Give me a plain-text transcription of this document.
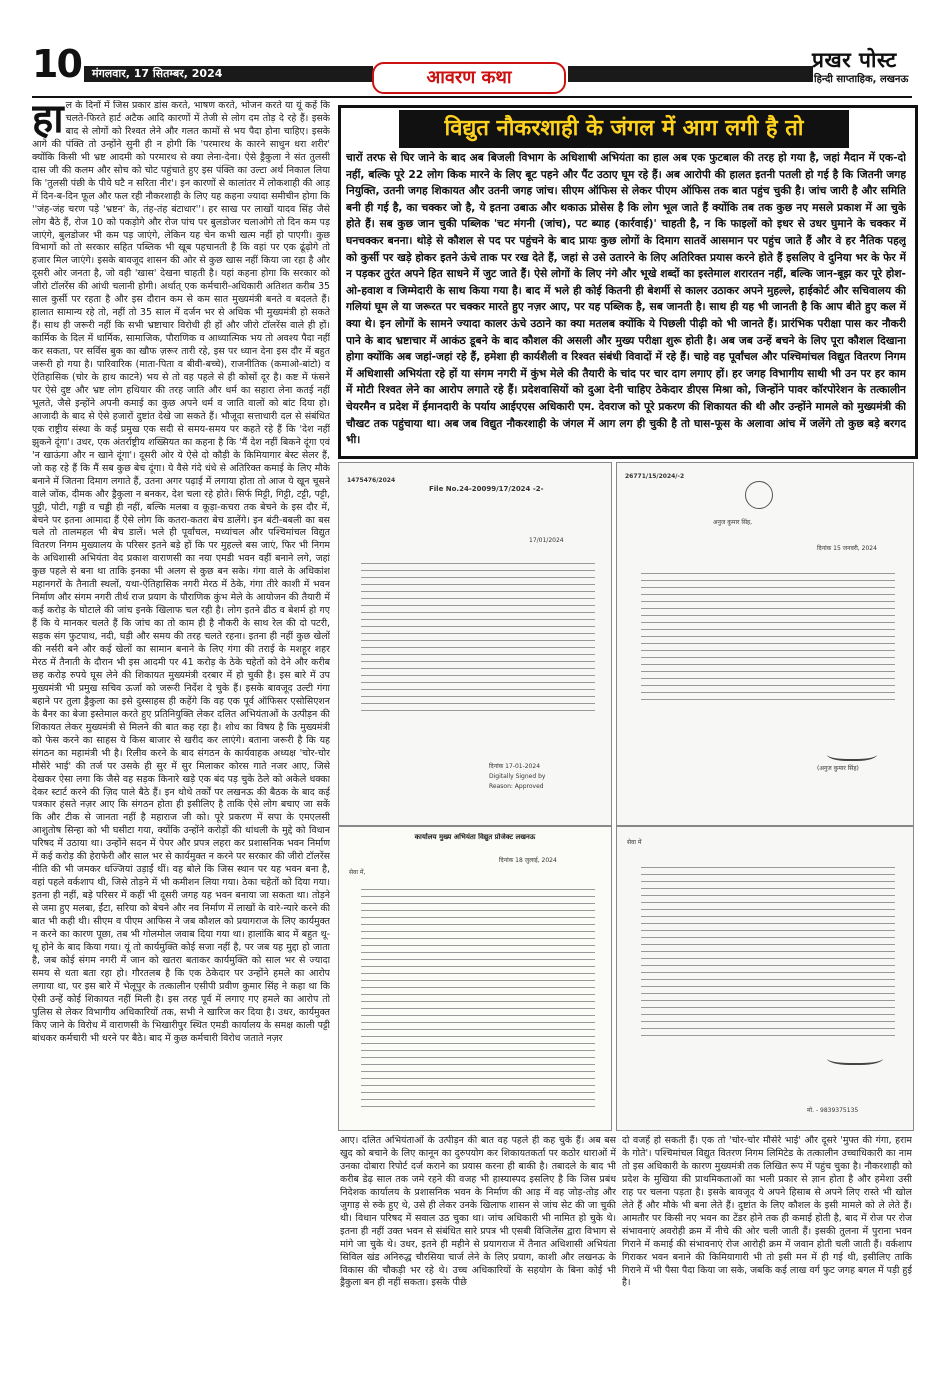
10	मंगलवार, 17 सितम्बर, 2024	आवरण कथा
प्रखर पोस्ट
हिन्दी साप्ताहिक, लखनऊ
हा ल के दिनों में जिस प्रकार डांस करते, भाषण करते, भोजन करते या यूं कहें कि चलते-फिरते हार्ट अटैक आदि कारणों में तेजी से लोग दम तोड़ दे रहे हैं। इसके बाद से लोगों को रिश्वत लेने और गलत कामों से भय पैदा होना चाहिए। इसके आगे की पंक्ति तो उन्होंने सुनी ही न होगी कि 'परमारथ के कारने साधुन धरा शरीर' क्योंकि किसी भी भ्रष्ट आदमी को परमारथ से क्या लेना-देना। ऐसे ड्रैकुला ने संत तुलसी दास जी की कलम और सोच को चोट पहुंचाते हुए इस पंक्ति का उल्टा अर्थ निकाल लिया कि 'तुलसी पंछी के पीये घटै न सरिता नीर'। इन कारणों से कालांतर में लोकशाही की आड़ में दिन-ब-दिन फूल और फल रही नौकरशाही के लिए यह कहना ज्यादा समीचीन होगा कि ''जंह-जंह चरण पड़े 'भ्रष्टन' के, तंह-तंह बंटाधार''। हर साख पर लाखों यादव सिंह जैसे लोग बैठे हैं, रोज 10 को पकड़ोगे और रोज पांच पर बुलडोजर चलाओगे तो दिन कम पड़ जाएंगे, बुलडोजर भी कम पड़ जाएंगे, लेकिन यह चेन कभी खत्म नहीं हो पाएगी। कुछ विभागों को तो सरकार सहित पब्लिक भी खूब पहचानती है कि वहां पर एक ढूंढ़ोगे तो हजार मिल जाएंगे। इसके बावजूद शासन की ओर से कुछ खास नहीं किया जा रहा है और दूसरी ओर जनता है, जो वही 'खास' देखना चाहती है। यहां कहना होगा कि सरकार को जीरो टॉलरेंस की आंधी चलानी होगी। अर्थात् एक कर्मचारी-अधिकारी अतिशत करीब 35 साल कुर्सी पर रहता है और इस दौरान कम से कम सात मुख्यमंत्री बनते व बदलते हैं। हालात सामान्य रहे तो, नहीं तो 35 साल में दर्जन भर से अधिक भी मुख्यमंत्री हो सकते हैं। साथ ही जरूरी नहीं कि सभी भ्रष्टाचार विरोधी ही हों और जीरो टॉलरेंस वाले ही हों। कार्मिक के दिल में धार्मिक, सामाजिक, पौराणिक व आध्यात्मिक भय तो अवश्य पैदा नहीं कर सकता, पर सर्विस बुक का खौफ ज़रूर तारी रहे, इस पर ध्यान देना इस दौर में बहुत जरूरी हो गया है। पारिवारिक (माता-पिता व बीवी-बच्चे), राजनीतिक (कमाओ-बांटो) व ऐतिहासिक (चोर के हाथ काटने) भय से तो वह पहले से ही कोसों दूर है। कष्ट में फंसने पर ऐसे दुष्ट और भ्रष्ट लोग हथियार की तरह जाति और धर्म का सहारा लेना कतई नहीं भूलते, जैसे इन्होंने अपनी कमाई का कुछ अपने धर्म व जाति वालों को बांट दिया हो। आजादी के बाद से ऐसे हजारों दुष्टांत देखे जा सकते हैं। भौजूदा सत्ताधारी दल से संबंधित एक राष्ट्रीय संस्था के कई प्रमुख एक सदी से समय-समय पर कहते रहे हैं कि 'देश नहीं झुकने दूंगा'। उधर, एक अंतर्राष्ट्रीय शख्सियत का कहना है कि 'मैं देश नहीं बिकने दूंगा एवं 'न खाऊंगा और न खाने दूंगा'। दूसरी ओर ये ऐसे दो कौड़ी के किमियागार बेस्ट सेलर हैं, जो कह रहे हैं कि मैं सब कुछ बेच दूंगा। ये वैसे गंदे धंधे से अतिरिक्त कमाई के लिए मौके बनाने में जितना दिमाग लगाते हैं, उतना अगर पढ़ाई में लगाया होता तो आज ये खून चूसने वाले जोंक, दीमक और ड्रैकुला न बनकर, देश चला रहे होते। सिर्फ मिट्टी, गिट्टी, टट्टी, पट्टी, पुट्टी, पोटी, गड्डी व चड्डी ही नहीं, बल्कि मलबा व कूड़ा-कचरा तक बेचने के इस दौर में, बेचने पर इतना आमादा हैं ऐसे लोग कि कतरा-कतरा बेच डालेंगे। इन बंटी-बबली का बस चले तो तालमहल भी बेच डालें। भले ही पूर्वांचल, मध्यांचल और पश्चिमांचल विद्युत वितरण निगम मुख्यालय के परिसर इतने बड़े हों कि पर मुहल्ले बस जाएं, फिर भी निगम के अधिशासी अभियंता वेद प्रकाश वाराणसी का नया एमडी भवन वहीं बनाने लगे, जहां कुछ पहले से बना था ताकि इनका भी अलग से कुछ बन सके। गंगा वाले के अधिकांश महानगरों के तैनाती स्थलों, यथा-ऐतिहासिक नगरी मेरठ में ठेके, गंगा तीरे काशी में भवन निर्माण और संगम नगरी तीर्थ राज प्रयाग के पौराणिक कुंभ मेले के आयोजन की तैयारी में कई करोड़ के घोटाले की जांच इनके खिलाफ चल रही है। लोग इतने ढीठ व बेशर्म हो गए हैं कि ये मानकर चलते हैं कि जांच का तो काम ही है नौकरी के साथ रेल की दो पटरी, सड़क संग फुटपाथ, नदी, घड़ी और समय की तरह चलते रहना। इतना ही नहीं कुछ खेलों की नर्सरी बने और कई खेलों का सामान बनाने के लिए गंगा की तराई के मशहूर शहर मेरठ में तैनाती के दौरान भी इस आदमी पर 41 करोड़ के ठेके चहेतों को देने और करीब छह करोड़ रुपये घूस लेने की शिकायत मुख्यमंत्री दरबार में हो चुकी है। इस बारे में उप मुख्यमंत्री भी प्रमुख सचिव ऊर्जा को जरूरी निर्देश दे चुके हैं। इसके बावजूद उल्टी गंगा बहाने पर तुला ड्रैकुला का इसे दुस्साहस ही कहेंगे कि वह एक पूर्व ऑफिसर एसोसिएशन के बैनर का बेजा इस्तेमाल करते हुए प्रतिनियुक्ति लेकर दलित अभियंताओं के उत्पीड़न की शिकायत लेकर मुख्यमंत्री से मिलने की बात कह रहा है। शोध का विषय है कि मुख्यमंत्री को फेस करने का साहस ये किस बाजार से खरीद कर लाएंगे। बताना जरूरी है कि यह संगठन का महामंत्री भी है। रिलीव करने के बाद संगठन के कार्यवाहक अध्यक्ष 'चोर-चोर मौसेरे भाई' की तर्ज पर उसके ही सुर में सुर मिलाकर कोरस गाते नजर आए, जिसे देखकर ऐसा लगा कि जैसे वह सड़क किनारे खड़े एक बंद पड़ चुके ठेले को अकेले धक्का देकर स्टार्ट करने की ज़िद पाले बैठे हैं। इन थोथे तर्कों पर लखनऊ की बैठक के बाद कई पत्रकार हंसते नज़र आए कि संगठन होता ही इसीलिए है ताकि ऐसे लोग बचाए जा सकें कि और टीक से जानता नहीं है महाराज जी को। पूरे प्रकरण में सपा के एमएलसी आशुतोष सिन्हा को भी घसीटा गया, क्योंकि उन्होंने करोड़ों की धांधली के मुद्दे को विधान परिषद में उठाया था। उन्होंने सदन में पेपर और प्रपत्र लहरा कर प्रशासनिक भवन निर्माण में कई करोड़ की हेराफेरी और साल भर से कार्यमुक्त न करने पर सरकार की जीरो टॉलरेंस नीति की भी जमकर धज्जियां उड़ाईं थीं। वह बोले कि जिस स्थान पर यह भवन बना है, वहां पहले वर्कशाप थी, जिसे तोड़ने में भी कमीशन लिया गया। ठेका चहेतों को दिया गया। इतना ही नहीं, बड़े परिसर में कहीं भी दूसरी जगह यह भवन बनाया जा सकता था। तोड़ने से जमा हुए मलबा, ईंटा, सरिया को बेचने और नव निर्माण में लाखों के वारे-न्यारे करने की बात भी कही थी। सीएम व पीएम आफिस ने जब कौशल को प्रयागराज के लिए कार्यमुक्त न करने का कारण पूछा, तब भी गोलमोल जवाब दिया गया था। हालांकि बाद में बहुत थू-थू होने के बाद किया गया। यूं तो कार्यमुक्ति कोई सजा नहीं है, पर जब यह मुद्दा हो जाता है, जब कोई संगम नगरी में जान को खतरा बताकर कार्यमुक्ति को साल भर से ज्यादा समय से धता बता रहा हो। गौरतलब है कि एक ठेकेदार पर उन्होंने हमले का आरोप लगाया था, पर इस बारे में भेलूपुर के तत्कालीन एसीपी प्रवीण कुमार सिंह ने कहा था कि ऐसी उन्हें कोई शिकायत नहीं मिली है। इस तरह पूर्व में लगाए गए हमले का आरोप तो पुलिस से लेकर विभागीय अधिकारियों तक, सभी ने खारिज कर दिया है। उधर, कार्यमुक्त किए जाने के विरोध में वाराणसी के भिखारीपुर स्थित एमडी कार्यालय के समक्ष काली पट्टी बांधकर कर्मचारी भी धरने पर बैठे। बाद में कुछ कर्मचारी विरोध जताते नज़र
विद्युत नौकरशाही के जंगल में आग लगी है तो
चारों तरफ से घिर जाने के बाद अब बिजली विभाग के अधिशाषी अभियंता का हाल अब एक फुटबाल की तरह हो गया है, जहां मैदान में एक-दो नहीं, बल्कि पूरे 22 लोग किक मारने के लिए बूट पहने और पैंट उठाए घूम रहे हैं। अब आरोपी की हालत इतनी पतली हो गई है कि जितनी जगह नियुक्ति, उतनी जगह शिकायत और उतनी जगह जांच। सीएम ऑफिस से लेकर पीएम ऑफिस तक बात पहुंच चुकी है। जांच जारी है और समिति बनी ही गई है, का चक्कर जो है, ये इतना उबाऊ और थकाऊ प्रोसेस है कि लोग भूल जाते हैं क्योंकि तब तक कुछ नए मसले प्रकाश में आ चुके होते हैं। सब कुछ जान चुकी पब्लिक 'चट मंगनी (जांच), पट ब्याह (कार्रवाई)' चाहती है, न कि फाइलों को इधर से उधर घुमाने के चक्कर में घनचक्कर बनना। थोड़े से कौशल से पद पर पहुंचने के बाद प्रायः कुछ लोगों के दिमाग सातवें आसमान पर पहुंच जाते हैं और वे हर नैतिक पहलू को कुर्सी पर खड़े होकर इतने ऊंचे ताक पर रख देते हैं, जहां से उसे उतारने के लिए अतिरिक्त प्रयास करने होते हैं इसलिए वे दुनिया भर के फेर में न पड़कर तुरंत अपने हित साधने में जुट जाते हैं। ऐसे लोगों के लिए नंगे और भूखे शब्दों का इस्तेमाल शरारतन नहीं, बल्कि जान-बूझ कर पूरे होश-ओ-हवाश व जिम्मेदारी के साथ किया गया है। बाद में भले ही कोई कितनी ही बेशर्मी से कालर उठाकर अपने मुहल्ले, हाईकोर्ट और सचिवालय की गलियां घूम ले या जरूरत पर चक्कर मारते हुए नज़र आए, पर यह पब्लिक है, सब जानती है। साथ ही यह भी जानती है कि आप बीते हुए कल में क्या थे। इन लोगों के सामने ज्यादा कालर ऊंचे उठाने का क्या मतलब क्योंकि ये पिछली पीढ़ी को भी जानते हैं। प्रारंभिक परीक्षा पास कर नौकरी पाने के बाद भ्रष्टाचार में आकंठ डूबने के बाद कौशल की असली और मुख्य परीक्षा शुरू होती है। अब जब उन्हें बचने के लिए पूरा कौशल दिखाना होगा क्योंकि अब जहां-जहां रहे हैं, हमेशा ही कार्यशैली व रिश्वत संबंधी विवादों में रहे हैं। चाहे वह पूर्वांचल और पश्चिमांचल विद्युत वितरण निगम में अधिशासी अभियंता रहे हों या संगम नगरी में कुंभ मेले की तैयारी के चांद पर चार दाग लगाए हों। हर जगह विभागीय साथी भी उन पर हर काम में मोटी रिश्वत लेने का आरोप लगाते रहे हैं। प्रदेशवासियों को दुआ देनी चाहिए ठेकेदार डीएस मिश्रा को, जिन्होंने पावर कॉरपोरेशन के तत्कालीन चेयरमैन व प्रदेश में ईमानदारी के पर्याय आईएएस अधिकारी एम. देवराज को पूरे प्रकरण की शिकायत की थी और उन्होंने मामले को मुख्यमंत्री की चौखट तक पहुंचाया था। अब जब विद्युत नौकरशाही के जंगल में आग लग ही चुकी है तो घास-फूस के अलावा आंच में जलेंगे तो कुछ बड़े बरगद भी।
1475476/2024
File No.24-20099/17/2024 -2-
17/01/2024
दिनांक 17-01-2024
Digitally Signed by
Reason: Approved
26771/15/2024/-2
अनुज कुमार सिंह,
दिनांक 15 जनवरी, 2024
(अनुज कुमार सिंह)
कार्यालय मुख्य अभियंता विद्युत प्रोजेक्ट लखनऊ
दिनांक 18 जुलाई, 2024
सेवा में,
सेवा में
मो. - 9839375135
आए। दलित अभियंताओं के उत्पीड़न की बात वह पहले ही कह चुके हैं। अब बस खुद को बचाने के लिए कानून का दुरुपयोग कर शिकायतकर्ता पर कठोर धाराओं में उनका दोबारा रिपोर्ट दर्ज कराने का प्रयास करना ही बाकी है। तबादले के बाद भी करीब डेढ़ साल तक जमे रहने की वजह भी हास्यास्पद इसलिए है कि जिस प्रबंध निदेशक कार्यालय के प्रशासनिक भवन के निर्माण की आड़ में वह जोड़-तोड़ और जुगाड़ से रुके हुए थे, उसे ही लेकर उनके खिलाफ शासन से जांच सेट की जा चुकी थी। विधान परिषद में सवाल उठ चुका था। जांच अधिकारी भी नामित हो चुके थे। इतना ही नहीं उक्त भवन से संबंधित सारे प्रपत्र भी एसबी विजिलेंस द्वारा विभाग से मांगे जा चुके थे। उधर, इतने ही महीने से प्रयागराज में तैनात अधिशासी अभियंता सिविल खंड अनिरुद्ध चौरसिया चार्ज लेने के लिए प्रयाग, काशी और लखनऊ के विकास की चौकड़ी भर रहे थे। उच्च अधिकारियों के सहयोग के बिना कोई भी ड्रैकुला बन ही नहीं सकता। इसके पीछे
दो वजहें हो सकती हैं। एक तो 'चोर-चोर मौसेरे भाई' और दूसरे 'मुफ्त की गंगा, हराम के गोते'। पश्चिमांचल विद्युत वितरण निगम लिमिटेड के तत्कालीन उच्चाधिकारी का नाम तो इस अधिकारी के कारण मुख्यमंत्री तक लिखित रूप में पहुंच चुका है। नौकरशाही को प्रदेश के मुखिया की प्राथमिकताओं का भली प्रकार से ज्ञान होता है और हमेशा उसी राह पर चलना पड़ता है। इसके बावजूद ये अपने हिसाब से अपने लिए रास्ते भी खोल लेते हैं और मौके भी बना लेते हैं। दुष्टांत के लिए कौशल के इसी मामले को ले लेते हैं। आमतौर पर किसी नए भवन का टेंडर होने तक ही कमाई होती है, बाद में रोज पर रोज संभावनाएं अवरोही क्रम में नीचे की ओर चली जाती हैं। इसकी तुलना में पुराना भवन गिराने में कमाई की संभावनाएं रोज आरोही क्रम में जवान होती चली जाती हैं। वर्कशाप गिराकर भवन बनाने की किमियागारी भी तो इसी मन में ही गई थी, इसीलिए ताकि गिराने में भी पैसा पैदा किया जा सके, जबकि कई लाख वर्ग फुट जगह बगल में पड़ी हुई है।
